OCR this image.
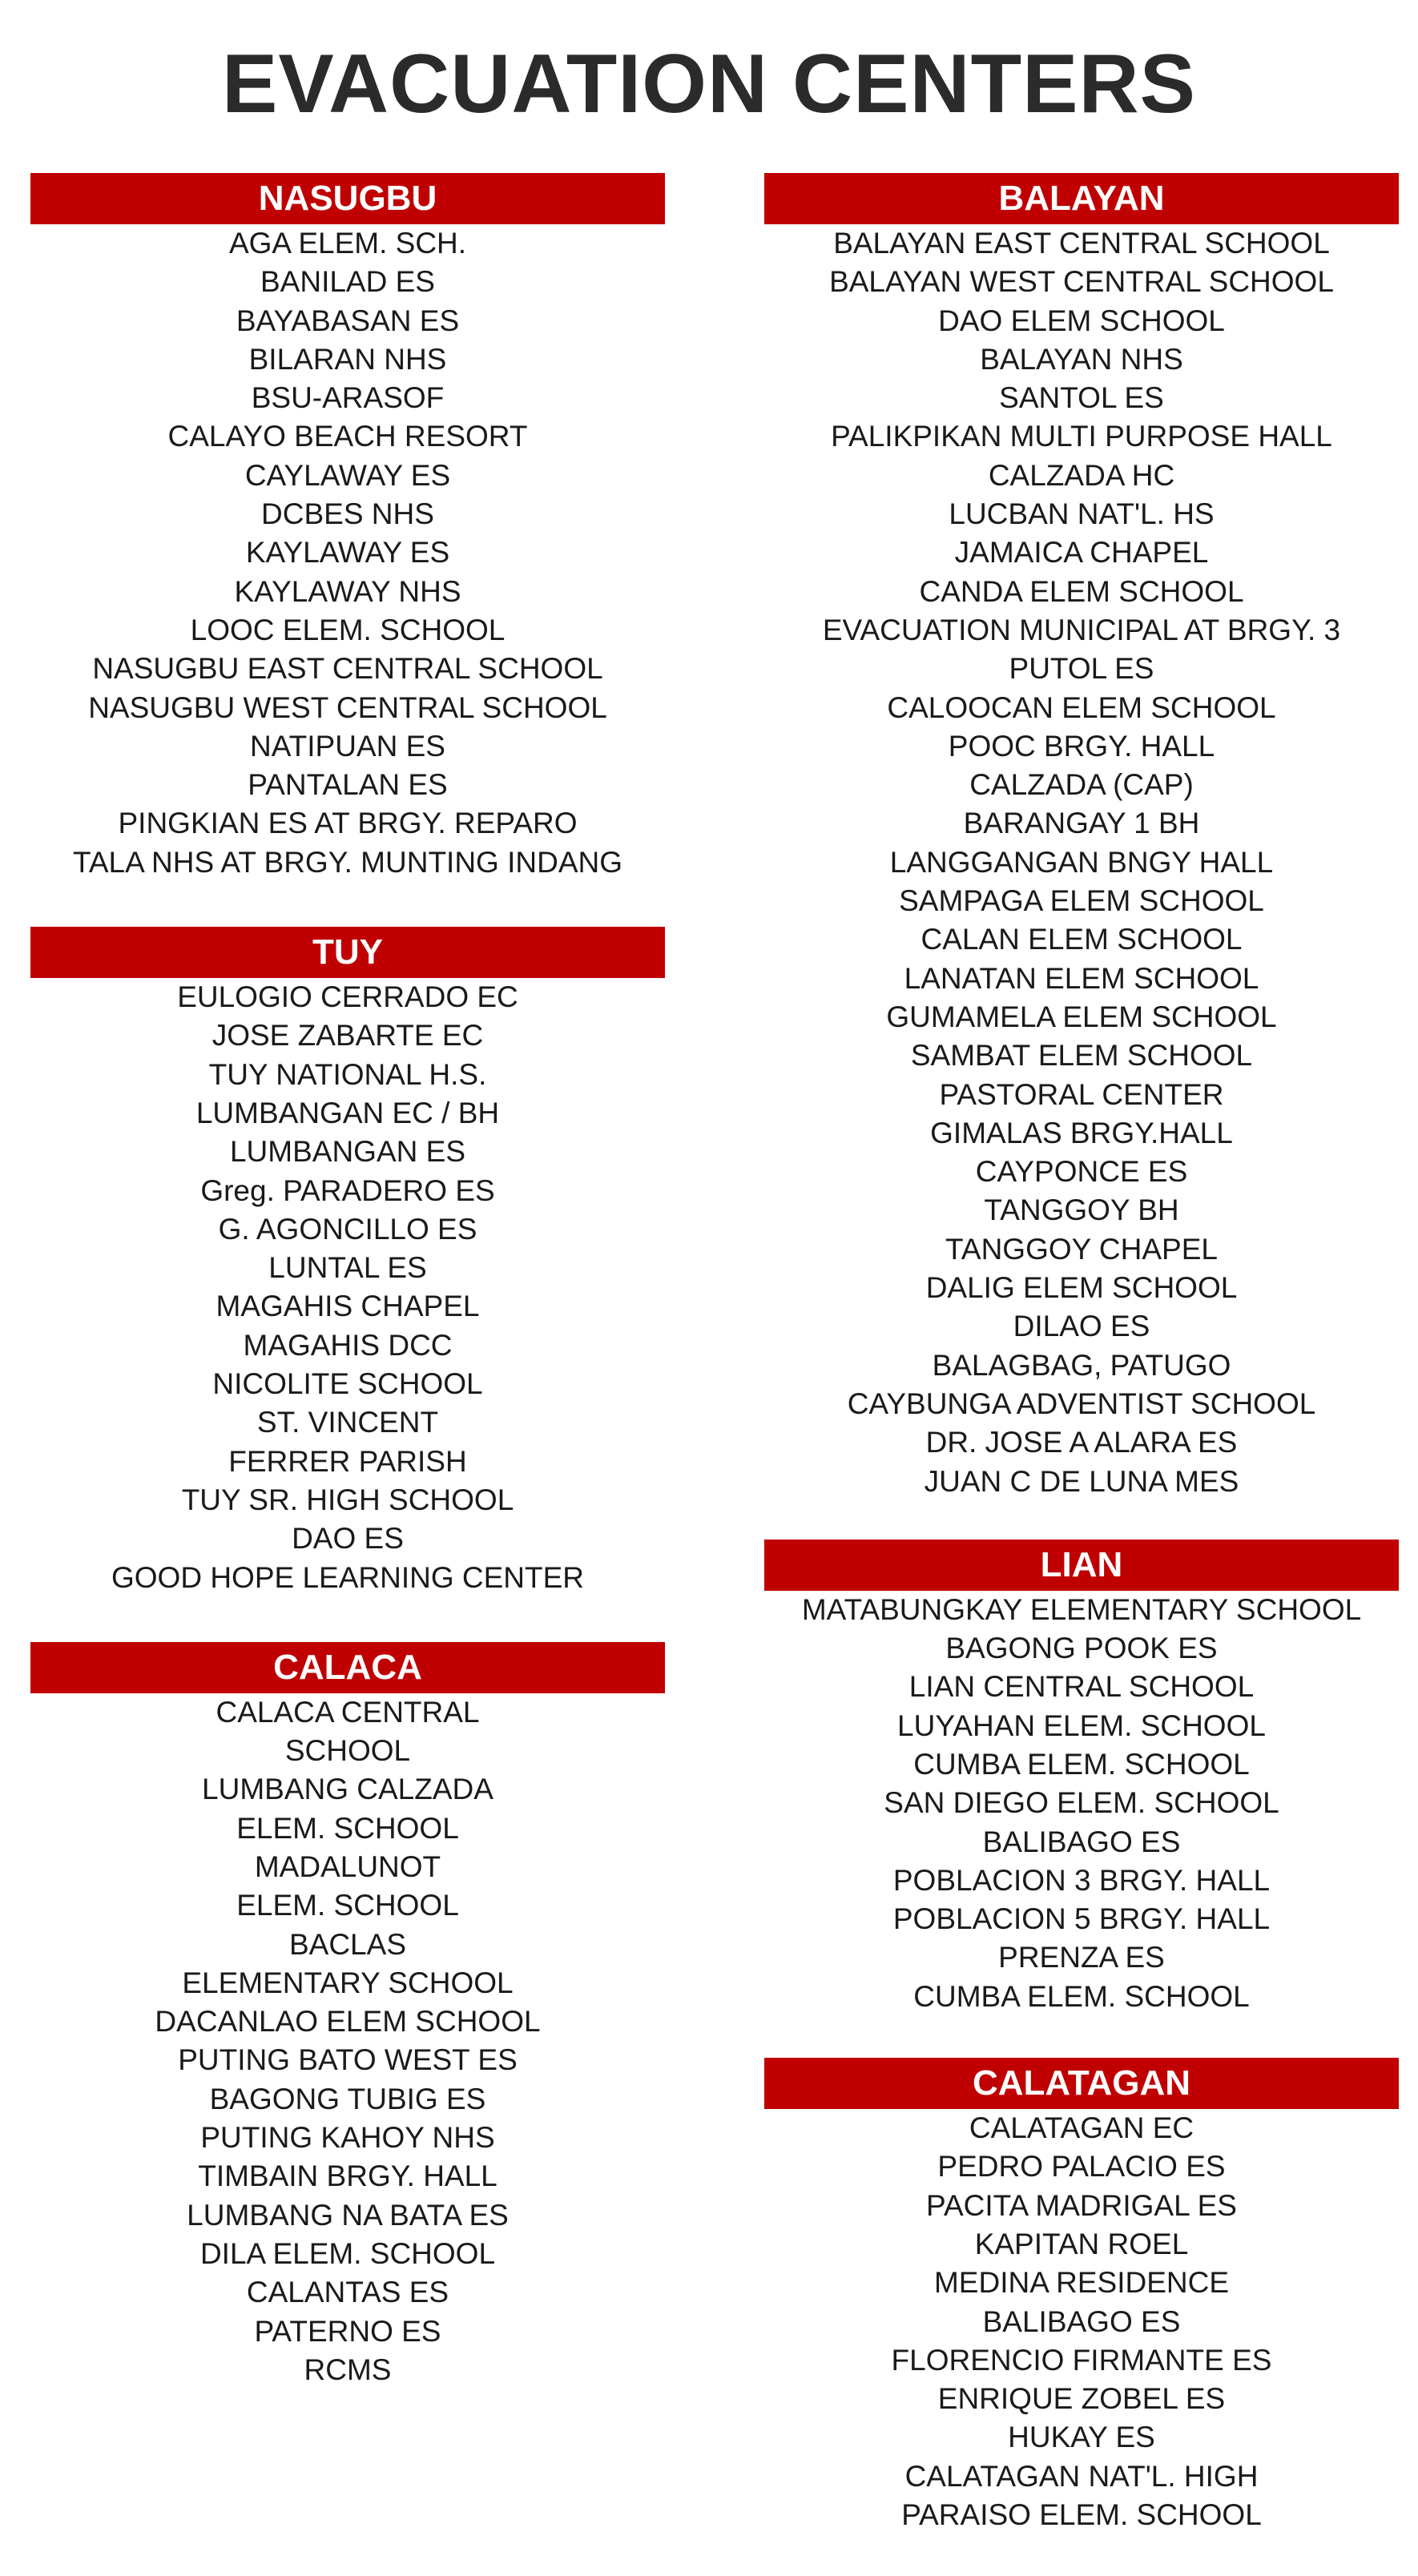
EVACUATION CENTERS
NASUGBU
AGA ELEM. SCH.
BANILAD ES
BAYABASAN ES
BILARAN NHS
BSU-ARASOF
CALAYO BEACH RESORT
CAYLAWAY ES
DCBES NHS
KAYLAWAY ES
KAYLAWAY NHS
LOOC ELEM. SCHOOL
NASUGBU EAST CENTRAL SCHOOL
NASUGBU WEST CENTRAL SCHOOL
NATIPUAN ES
PANTALAN ES
PINGKIAN ES AT BRGY. REPARO
TALA NHS AT BRGY. MUNTING INDANG
TUY
EULOGIO CERRADO EC
JOSE ZABARTE EC
TUY NATIONAL H.S.
LUMBANGAN EC / BH
LUMBANGAN ES
Greg. PARADERO ES
G. AGONCILLO ES
LUNTAL ES
MAGAHIS CHAPEL
MAGAHIS DCC
NICOLITE SCHOOL
ST. VINCENT
FERRER PARISH
TUY SR. HIGH SCHOOL
DAO ES
GOOD HOPE LEARNING CENTER
CALACA
CALACA CENTRAL
SCHOOL
LUMBANG CALZADA
ELEM. SCHOOL
MADALUNOT
ELEM. SCHOOL
BACLAS
ELEMENTARY SCHOOL
DACANLAO ELEM SCHOOL
PUTING BATO WEST ES
BAGONG TUBIG ES
PUTING KAHOY NHS
TIMBAIN BRGY. HALL
LUMBANG NA BATA ES
DILA ELEM. SCHOOL
CALANTAS ES
PATERNO ES
RCMS
BALAYAN
BALAYAN EAST CENTRAL SCHOOL
BALAYAN WEST CENTRAL SCHOOL
DAO ELEM SCHOOL
BALAYAN NHS
SANTOL ES
PALIKPIKAN MULTI PURPOSE HALL
CALZADA HC
LUCBAN NAT'L. HS
JAMAICA CHAPEL
CANDA ELEM SCHOOL
EVACUATION MUNICIPAL AT BRGY. 3
PUTOL ES
CALOOCAN ELEM SCHOOL
POOC BRGY. HALL
CALZADA (CAP)
BARANGAY 1 BH
LANGGANGAN BNGY HALL
SAMPAGA ELEM SCHOOL
CALAN ELEM SCHOOL
LANATAN ELEM SCHOOL
GUMAMELA ELEM SCHOOL
SAMBAT ELEM SCHOOL
PASTORAL CENTER
GIMALAS BRGY.HALL
CAYPONCE ES
TANGGOY BH
TANGGOY CHAPEL
DALIG ELEM SCHOOL
DILAO ES
BALAGBAG, PATUGO
CAYBUNGA ADVENTIST SCHOOL
DR. JOSE A ALARA ES
JUAN C DE LUNA MES
LIAN
MATABUNGKAY ELEMENTARY SCHOOL
BAGONG POOK ES
LIAN CENTRAL SCHOOL
LUYAHAN ELEM. SCHOOL
CUMBA ELEM. SCHOOL
SAN DIEGO ELEM. SCHOOL
BALIBAGO ES
POBLACION 3 BRGY. HALL
POBLACION 5 BRGY. HALL
PRENZA ES
CUMBA ELEM. SCHOOL
CALATAGAN
CALATAGAN EC
PEDRO PALACIO ES
PACITA MADRIGAL ES
KAPITAN ROEL
MEDINA RESIDENCE
BALIBAGO ES
FLORENCIO FIRMANTE ES
ENRIQUE ZOBEL ES
HUKAY ES
CALATAGAN NAT'L. HIGH
PARAISO ELEM. SCHOOL
